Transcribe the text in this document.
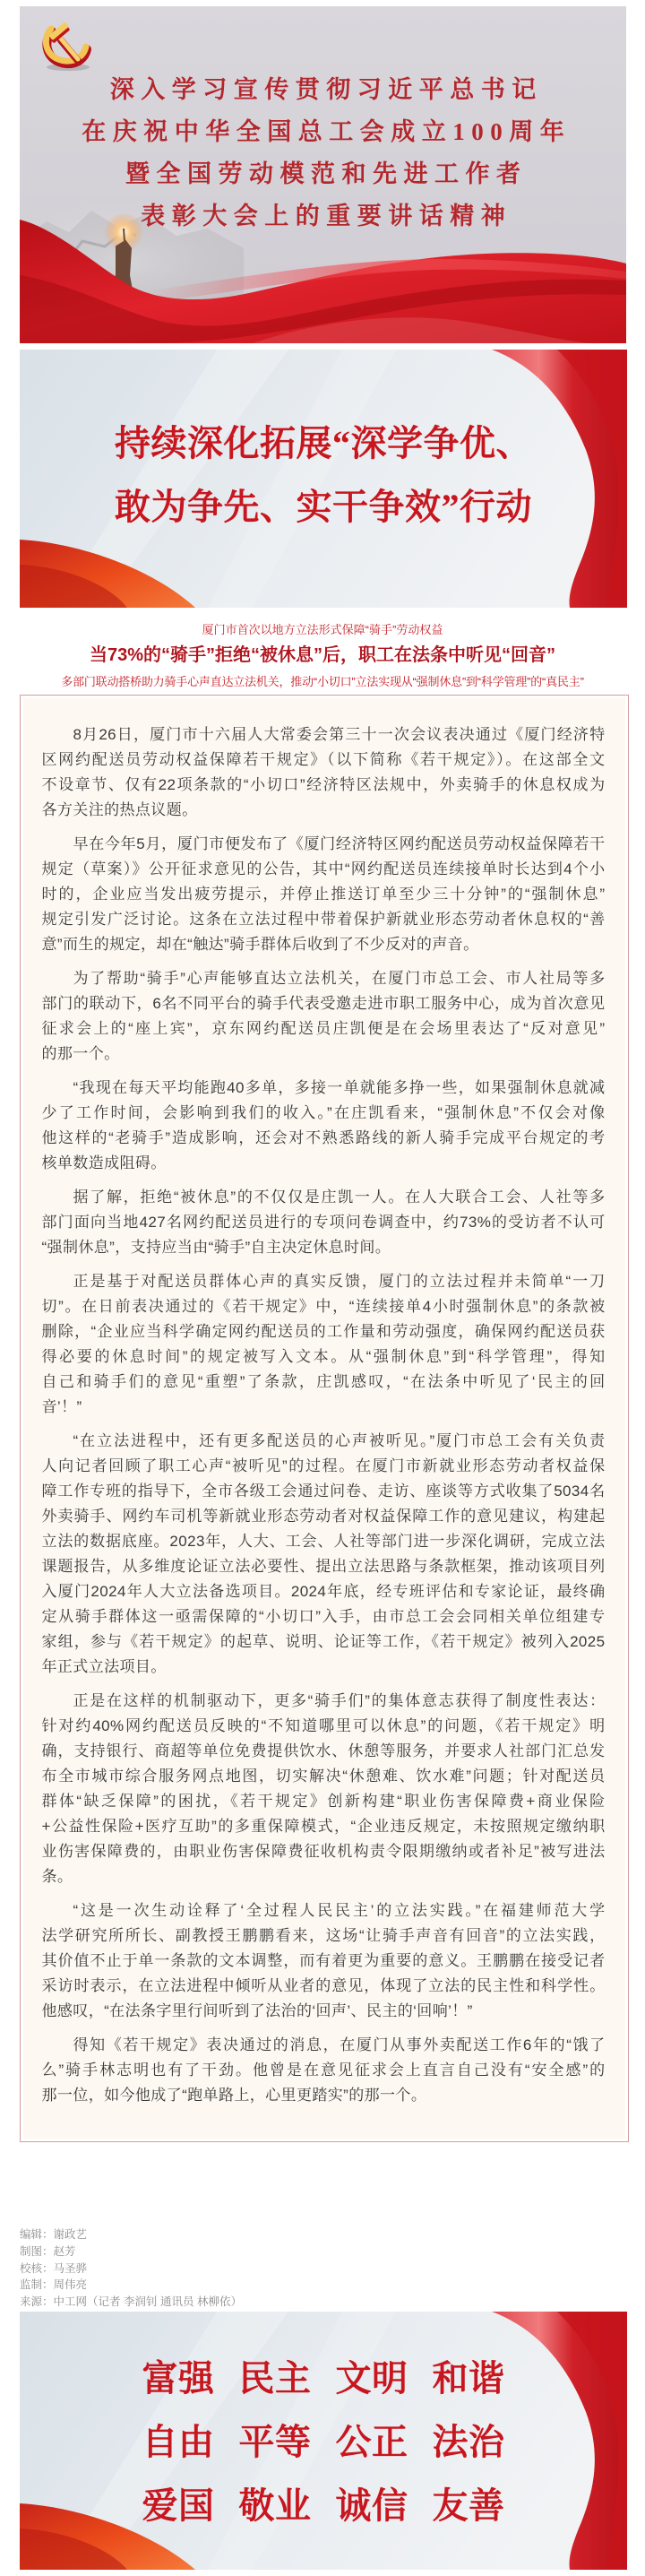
深入学习宣传贯彻习近平总书记
在庆祝中华全国总工会成立100周年
暨全国劳动模范和先进工作者
表彰大会上的重要讲话精神
持续深化拓展“深学争优、
敢为争先、实干争效”行动
厦门市首次以地方立法形式保障“骑手”劳动权益
当73%的“骑手”拒绝“被休息”后，职工在法条中听见“回音”
多部门联动搭桥助力骑手心声直达立法机关，推动“小切口”立法实现从“强制休息”到“科学管理”的“真民主”
8月26日，厦门市十六届人大常委会第三十一次会议表决通过《厦门经济特
区网约配送员劳动权益保障若干规定》（以下简称《若干规定》）。在这部全文
不设章节、仅有22项条款的“小切口”经济特区法规中，外卖骑手的休息权成为
各方关注的热点议题。
早在今年5月，厦门市便发布了《厦门经济特区网约配送员劳动权益保障若干
规定（草案）》公开征求意见的公告，其中“网约配送员连续接单时长达到4个小
时的，企业应当发出疲劳提示，并停止推送订单至少三十分钟”的“强制休息”
规定引发广泛讨论。这条在立法过程中带着保护新就业形态劳动者休息权的“善
意”而生的规定，却在“触达”骑手群体后收到了不少反对的声音。
为了帮助“骑手”心声能够直达立法机关，在厦门市总工会、市人社局等多
部门的联动下，6名不同平台的骑手代表受邀走进市职工服务中心，成为首次意见
征求会上的“座上宾”，京东网约配送员庄凯便是在会场里表达了“反对意见”
的那一个。
“我现在每天平均能跑40多单，多接一单就能多挣一些，如果强制休息就减
少了工作时间，会影响到我们的收入。”在庄凯看来，“强制休息”不仅会对像
他这样的“老骑手”造成影响，还会对不熟悉路线的新人骑手完成平台规定的考
核单数造成阻碍。
据了解，拒绝“被休息”的不仅仅是庄凯一人。在人大联合工会、人社等多
部门面向当地427名网约配送员进行的专项问卷调查中，约73%的受访者不认可
“强制休息”，支持应当由“骑手”自主决定休息时间。
正是基于对配送员群体心声的真实反馈，厦门的立法过程并未简单“一刀
切”。在日前表决通过的《若干规定》中，“连续接单4小时强制休息”的条款被
删除，“企业应当科学确定网约配送员的工作量和劳动强度，确保网约配送员获
得必要的休息时间”的规定被写入文本。从“强制休息”到“科学管理”，得知
自己和骑手们的意见“重塑”了条款，庄凯感叹，“在法条中听见了‘民主的回
音’！”
“在立法进程中，还有更多配送员的心声被听见。”厦门市总工会有关负责
人向记者回顾了职工心声“被听见”的过程。在厦门市新就业形态劳动者权益保
障工作专班的指导下，全市各级工会通过问卷、走访、座谈等方式收集了5034名
外卖骑手、网约车司机等新就业形态劳动者对权益保障工作的意见建议，构建起
立法的数据底座。2023年，人大、工会、人社等部门进一步深化调研，完成立法
课题报告，从多维度论证立法必要性、提出立法思路与条款框架，推动该项目列
入厦门2024年人大立法备选项目。2024年底，经专班评估和专家论证，最终确
定从骑手群体这一亟需保障的“小切口”入手，由市总工会会同相关单位组建专
家组，参与《若干规定》的起草、说明、论证等工作，《若干规定》被列入2025
年正式立法项目。
正是在这样的机制驱动下，更多“骑手们”的集体意志获得了制度性表达：
针对约40%网约配送员反映的“不知道哪里可以休息”的问题，《若干规定》明
确，支持银行、商超等单位免费提供饮水、休憩等服务，并要求人社部门汇总发
布全市城市综合服务网点地图，切实解决“休憩难、饮水难”问题；针对配送员
群体“缺乏保障”的困扰，《若干规定》创新构建“职业伤害保障费+商业保险
+公益性保险+医疗互助”的多重保障模式，“企业违反规定，未按照规定缴纳职
业伤害保障费的，由职业伤害保障费征收机构责令限期缴纳或者补足”被写进法
条。
“这是一次生动诠释了‘全过程人民民主’的立法实践。”在福建师范大学
法学研究所所长、副教授王鹏鹏看来，这场“让骑手声音有回音”的立法实践，
其价值不止于单一条款的文本调整，而有着更为重要的意义。王鹏鹏在接受记者
采访时表示，在立法进程中倾听从业者的意见，体现了立法的民主性和科学性。
他感叹，“在法条字里行间听到了法治的‘回声’、民主的‘回响’！”
得知《若干规定》表决通过的消息，在厦门从事外卖配送工作6年的“饿了
么”骑手林志明也有了干劲。他曾是在意见征求会上直言自己没有“安全感”的
那一位，如今他成了“跑单路上，心里更踏实”的那一个。
编辑：谢政艺
制图：赵芳
校核：马圣骅
监制：周伟亮
来源：中工网（记者 李润钊 通讯员 林柳依）
富强 民主 文明 和谐
自由 平等 公正 法治
爱国 敬业 诚信 友善
